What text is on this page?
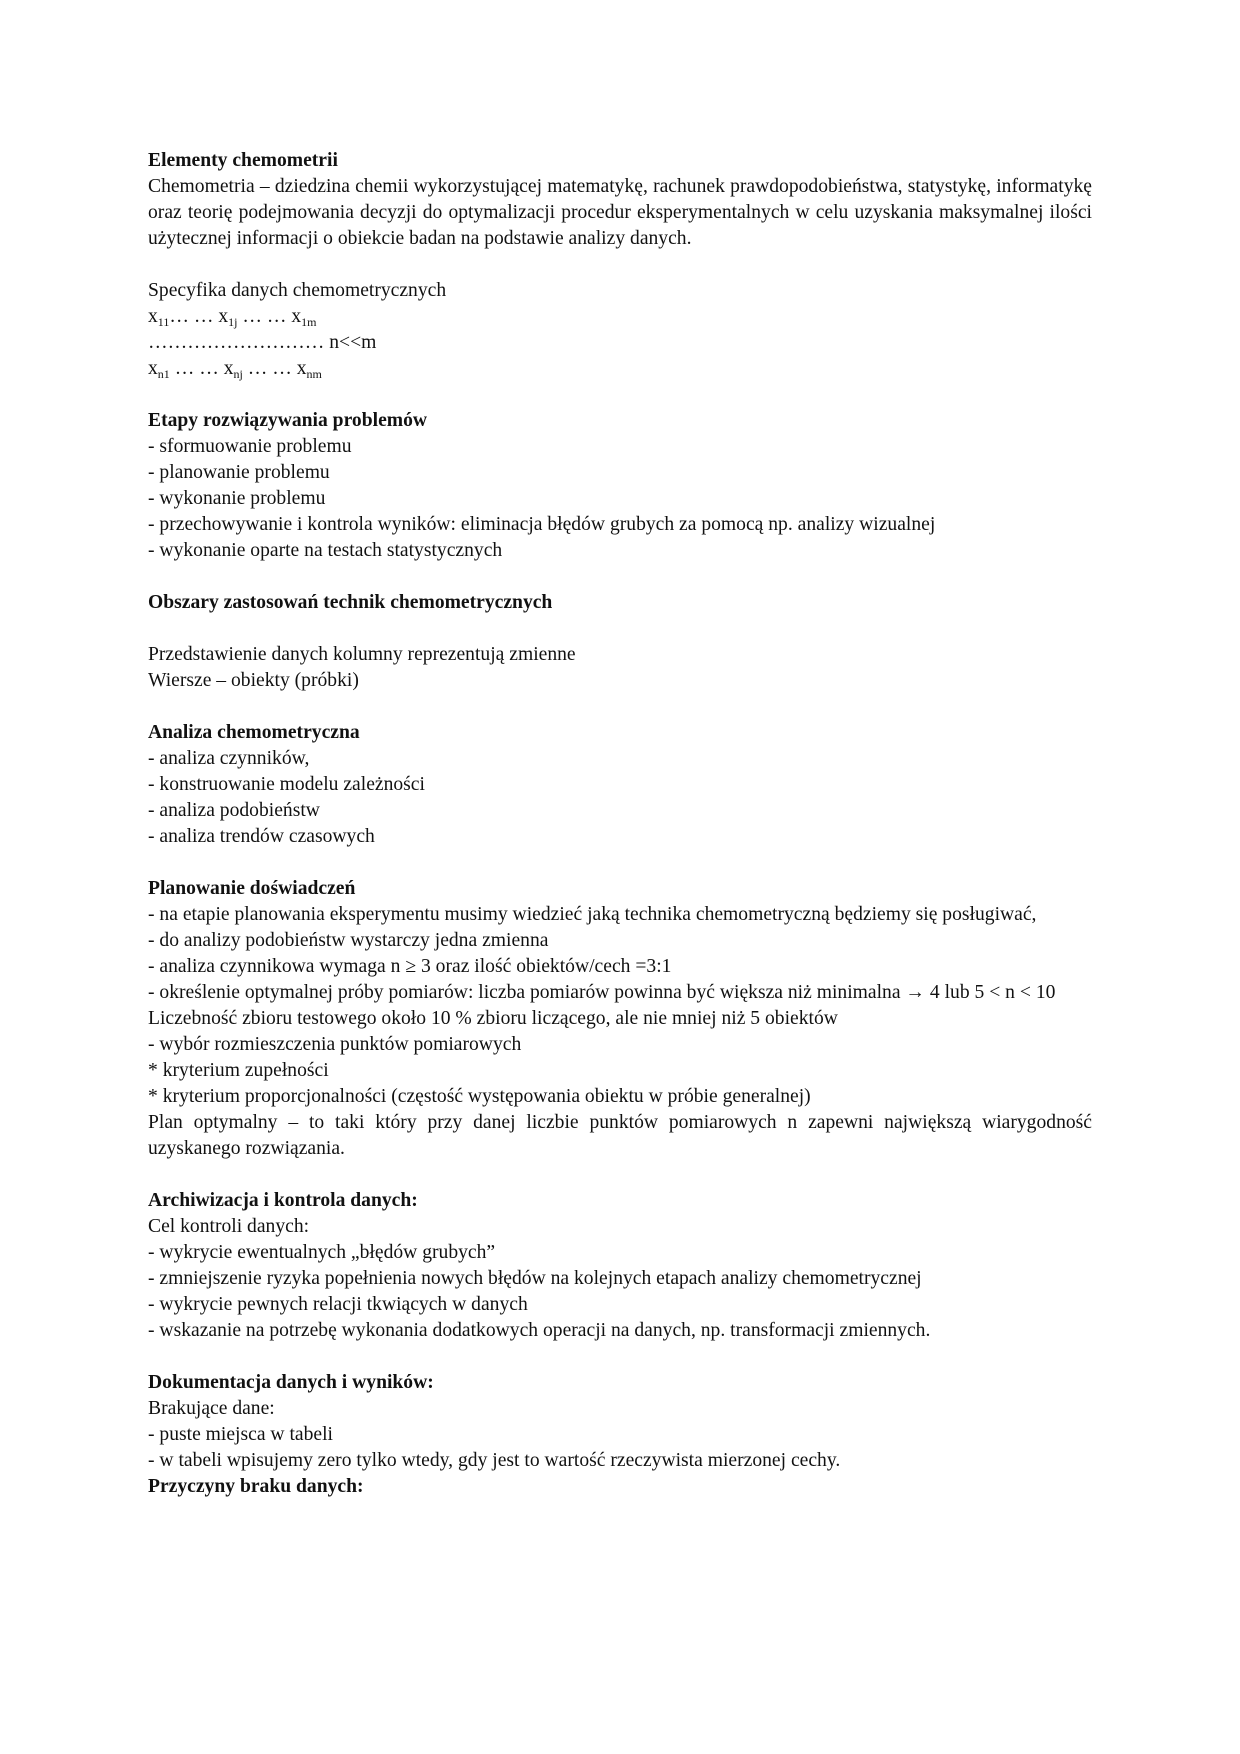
Elementy chemometrii

Chemometria – dziedzina chemii wykorzystującej matematykę, rachunek prawdopodobieństwa, statystykę, informatykę oraz teorię podejmowania decyzji do optymalizacji procedur eksperymentalnych w celu uzyskania maksymalnej ilości użytecznej informacji o obiekcie badan na podstawie analizy danych.

Specyfika danych chemometrycznych

$x_{11}\dots$ … $x_{1j}$ … … $x_{1m}$

……………………… n<<m

$x_{n1}$ … … $x_{nj}$ … … $x_{nm}$

Etapy rozwiązywania problemów

- sformuowanie problemu

- planowanie problemu

- wykonanie problemu

- przechowywanie i kontrola wyników: eliminacja błędów grubych za pomocą np. analizy wizualnej

- wykonanie oparte na testach statystycznych

Obszary zastosowań technik chemometrycznych

Przedstawienie danych kolumny reprezentują zmienne

Wiersze – obiekty (próbki)

Analiza chemometryczna

- analiza czynników,

- konstruowanie modelu zależności

- analiza podobieństw

- analiza trendów czasowych

Planowanie doświadczeń

- na etapie planowania eksperymentu musimy wiedzieć jaką technika chemometryczną będziemy się posługiwać,

- do analizy podobieństw wystarczy jedna zmienna

- analiza czynnikowa wymaga n ≥ 3 oraz ilość obiektów/cech =3:1

- określenie optymalnej próby pomiarów: liczba pomiarów powinna być większa niż minimalna → 4 lub 5 < n < 10

Liczebność zbioru testowego około 10 % zbioru liczącego, ale nie mniej niż 5 obiektów

- wybór rozmieszczenia punktów pomiarowych

* kryterium zupełności

* kryterium proporcjonalności (częstość występowania obiektu w próbie generalnej)

Plan optymalny – to taki który przy danej liczbie punktów pomiarowych n zapewni największą wiarygodność uzyskanego rozwiązania.

Archiwizacja i kontrola danych:

Cel kontroli danych:

- wykrycie ewentualnych „błędów grubych”

- zmniejszenie ryzyka popełnienia nowych błędów na kolejnych etapach analizy chemometrycznej

- wykrycie pewnych relacji tkwiących w danych

- wskazanie na potrzebę wykonania dodatkowych operacji na danych, np. transformacji zmiennych.

Dokumentacja danych i wyników:

Brakujące dane:

- puste miejsca w tabeli

- w tabeli wpisujemy zero tylko wtedy, gdy jest to wartość rzeczywista mierzonej cechy.

Przyczyny braku danych:
